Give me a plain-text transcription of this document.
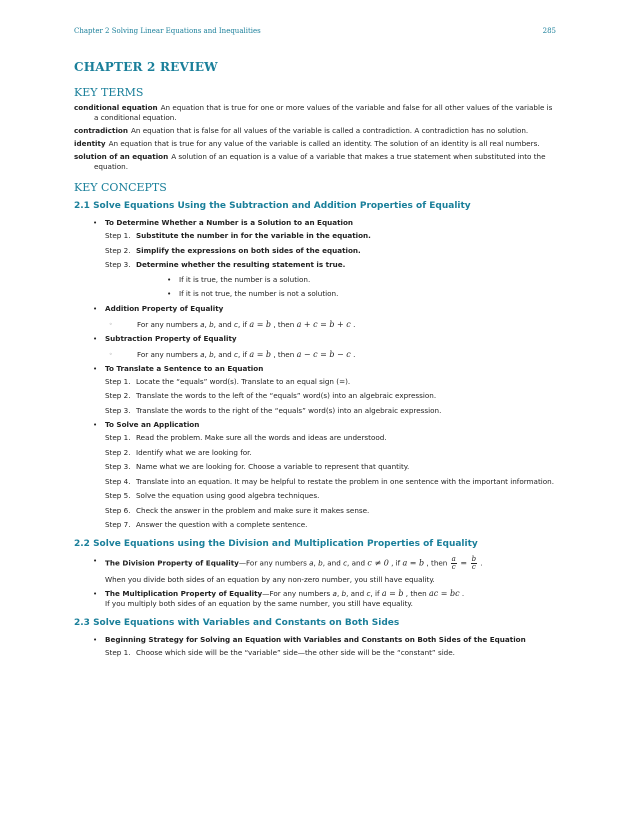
Chapter 2 Solving Linear Equations and Inequalities	285
CHAPTER 2 REVIEW
KEY TERMS

conditional equation An equation that is true for one or more values of the variable and false for all other values of the variable is a conditional equation.

contradiction An equation that is false for all values of the variable is called a contradiction. A contradiction has no solution.

identity An equation that is true for any value of the variable is called an identity. The solution of an identity is all real numbers.

solution of an equation A solution of an equation is a value of a variable that makes a true statement when substituted into the equation.

KEY CONCEPTS
2.1 Solve Equations Using the Subtraction and Addition Properties of Equality
• To Determine Whether a Number is a Solution to an Equation
Step 1. Substitute the number in for the variable in the equation.
Step 2. Simplify the expressions on both sides of the equation.
Step 3. Determine whether the resulting statement is true.
•	If it is true, the number is a solution.
•	If it is not true, the number is not a solution.
• Addition Property of Equality
◦	For any numbers a, b, and c, if a = b , then a + c = b + c .
• Subtraction Property of Equality
◦	For any numbers a, b, and c, if a = b , then a − c = b − c .
• To Translate a Sentence to an Equation
Step 1. Locate the “equals” word(s). Translate to an equal sign (=).
Step 2. Translate the words to the left of the “equals” word(s) into an algebraic expression.
Step 3. Translate the words to the right of the “equals” word(s) into an algebraic expression.
• To Solve an Application
Step 1. Read the problem. Make sure all the words and ideas are understood.
Step 2. Identify what we are looking for.
Step 3. Name what we are looking for. Choose a variable to represent that quantity.
Step 4. Translate into an equation. It may be helpful to restate the problem in one sentence with the important information.
Step 5. Solve the equation using good algebra techniques.
Step 6. Check the answer in the problem and make sure it makes sense.
Step 7. Answer the question with a complete sentence.
2.2 Solve Equations using the Division and Multiplication Properties of Equality
• The Division Property of Equality—For any numbers a, b, and c, and c ≠ 0 , if a = b , then $\frac{a}{c} = \frac{b}{c}$ .
When you divide both sides of an equation by any non-zero number, you still have equality.
• The Multiplication Property of Equality—For any numbers a, b, and c, if a = b , then ac = bc .
If you multiply both sides of an equation by the same number, you still have equality.
2.3 Solve Equations with Variables and Constants on Both Sides
• Beginning Strategy for Solving an Equation with Variables and Constants on Both Sides of the Equation
Step 1. Choose which side will be the “variable” side—the other side will be the “constant” side.
